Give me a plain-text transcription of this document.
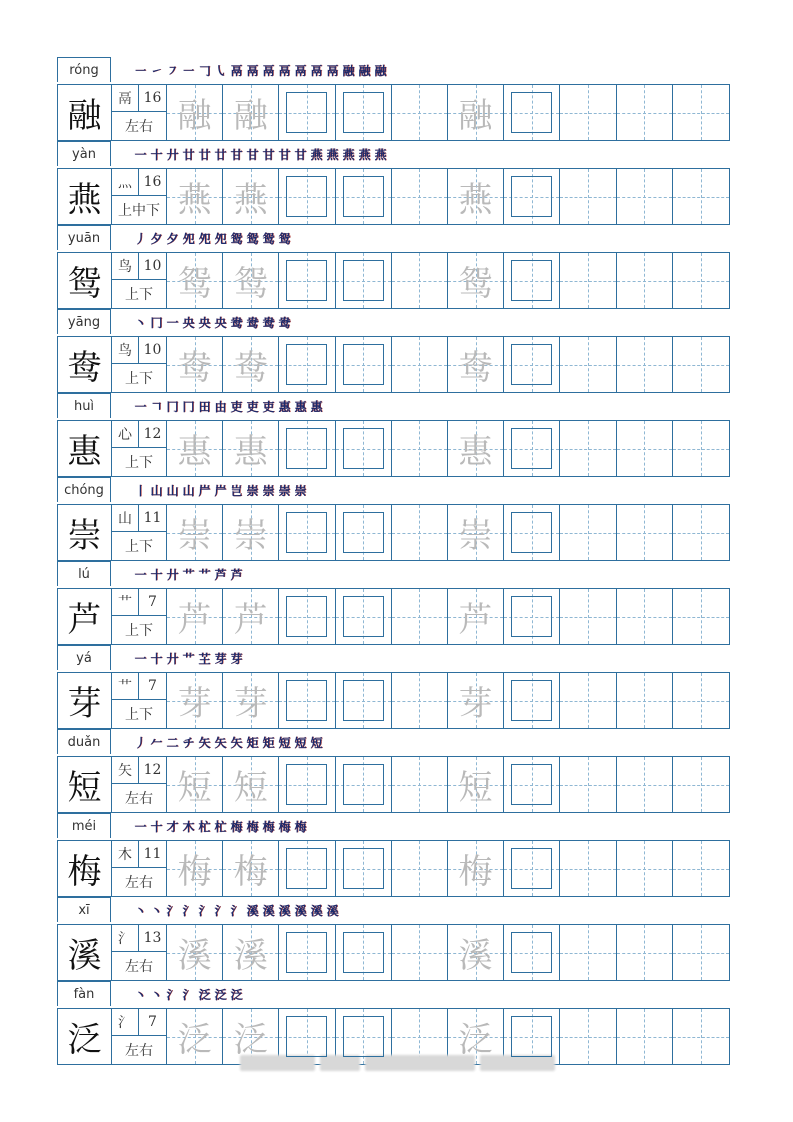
róng	㇐ ㇀ ㇇ ㇐ 𠃌 ㇂ 鬲 鬲 鬲 鬲 鬲 鬲 鬲 融 融 融
融	鬲 16
左右 融 融	融
yàn	一 十 廾 廿 廿 廿 甘 甘 甘 甘 甘 燕 燕 燕 燕 燕
燕	灬 16
上中下 燕 燕	燕
yuān	丿 夕 夕 夗 夗 夗 鸳 鸳 鸳 鸳
鸳	鸟 10
上下 鸳 鸳	鸳
yāng	丶 冂 一 央 央 央 鸯 鸯 鸯 鸯
鸯	鸟 10
上下 鸯 鸯	鸯
huì	一 𠃍 冂 冂 田 由 吏 吏 吏 惠 惠 惠
惠	心 12
上下 惠 惠	惠
chóng	丨 山 山 山 屵 屵 岂 崇 崇 崇 崇
崇	山 11
上下 崇 崇	崇
lú	一 十 廾 艹 艹 芦 芦
芦	艹	7
上下 芦 芦	芦
yá	一 十 廾 艹 芏 芽 芽
芽	艹	7
上下 芽 芽	芽
duǎn	丿 𠂉 二 チ 矢 矢 矢 矩 矩 短 短 短
短	矢 12
左右 短 短	短
méi	一 十 才 木 杧 杧 梅 梅 梅 梅 梅
梅	木 11
左右 梅 梅	梅
xī	丶 丶 氵 氵 氵 氵 氵 溪 溪 溪 溪 溪 溪
溪	氵 13
左右 溪 溪	溪
fàn	丶 丶 氵 氵 泛 泛 泛
泛	氵	7
左右 泛 泛	泛
